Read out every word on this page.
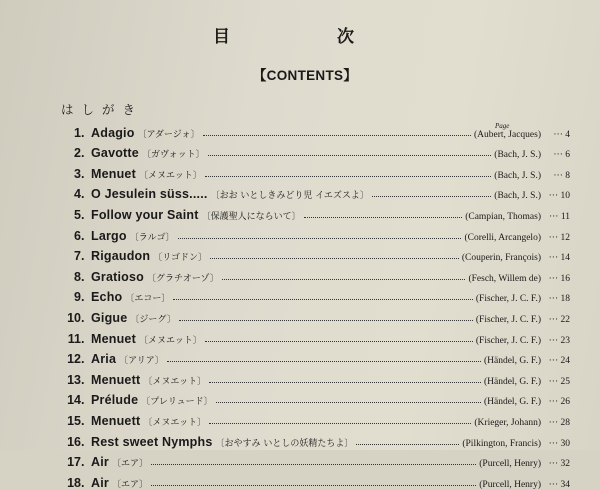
目	次
【CONTENTS】
はしがき
Page
1 . Adagio 〔アダージォ〕	(Aubert, Jacques)	··· 4
2 . Gavotte 〔ガヴォット〕	(Bach, J. S.)	··· 6
3 . Menuet 〔メヌエット〕	(Bach, J. S.)	··· 8
4 . O Jesulein süss..... 〔おお いとしきみどり児 イエズスよ〕	(Bach, J. S.) ··· 10
5 . Follow your Saint 〔保護聖人にならいて〕	(Campian, Thomas) ··· 11
6 . Largo 〔ラルゴ〕	(Corelli, Arcangelo) ··· 12
7 . Rigaudon 〔リゴドン〕	(Couperin, François) ··· 14
8 . Gratioso 〔グラチオーゾ〕	(Fesch, Willem de) ··· 16
9 . Echo 〔エコー〕	(Fischer, J. C. F.) ··· 18
10 . Gigue 〔ジーグ〕	(Fischer, J. C. F.) ··· 22
11 . Menuet 〔メヌエット〕	(Fischer, J. C. F.) ··· 23
12 . Aria 〔アリア〕	(Händel, G. F.) ··· 24
13 . Menuett 〔メヌエット〕	(Händel, G. F.) ··· 25
14 . Prélude 〔プレリュード〕	(Händel, G. F.) ··· 26
15 . Menuett 〔メヌエット〕	(Krieger, Johann) ··· 28
16 . Rest sweet Nymphs 〔おやすみ いとしの妖精たちよ〕	(Pilkington, Francis) ··· 30
17 . Air 〔エア〕	(Purcell, Henry) ··· 32
18 . Air 〔エア〕	(Purcell, Henry) ··· 34
